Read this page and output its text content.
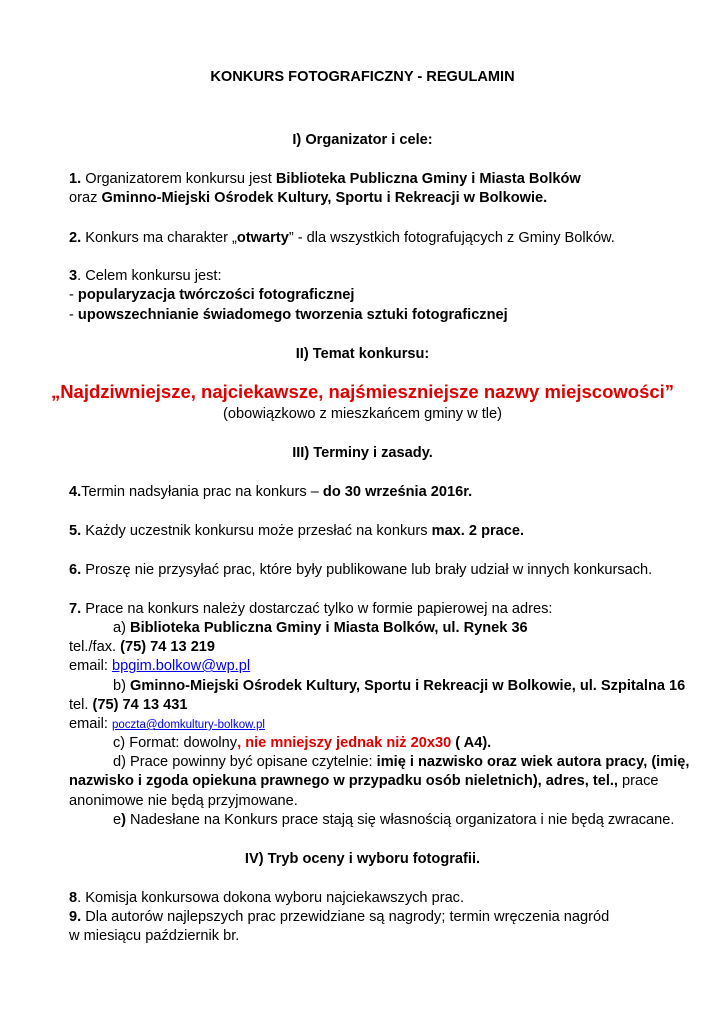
KONKURS FOTOGRAFICZNY - REGULAMIN
I) Organizator i cele:
1. Organizatorem konkursu jest Biblioteka Publiczna Gminy i Miasta Bolków
oraz Gminno-Miejski Ośrodek Kultury, Sportu i Rekreacji w Bolkowie.
2. Konkurs ma charakter „otwarty” - dla wszystkich fotografujących z Gminy Bolków.
3. Celem konkursu jest:
- popularyzacja twórczości fotograficznej
- upowszechnianie świadomego tworzenia sztuki fotograficznej
II) Temat konkursu:
„Najdziwniejsze, najciekawsze, najśmieszniejsze nazwy miejscowości”
(obowiązkowo z mieszkańcem gminy w tle)
III) Terminy i zasady.
4.Termin nadsyłania prac na konkurs – do 30 września 2016r.
5. Każdy uczestnik konkursu może przesłać na konkurs max. 2 prace.
6. Proszę nie przysyłać prac, które były publikowane lub brały udział w innych konkursach.
7. Prace na konkurs należy dostarczać tylko w formie papierowej na adres:
a) Biblioteka Publiczna Gminy i Miasta Bolków, ul. Rynek 36
tel./fax. (75) 74 13 219
email: bpgim.bolkow@wp.pl
b) Gminno-Miejski Ośrodek Kultury, Sportu i Rekreacji w Bolkowie, ul. Szpitalna 16
tel. (75) 74 13 431
email: poczta@domkultury-bolkow.pl
c) Format: dowolny, nie mniejszy jednak niż 20x30 ( A4).
d) Prace powinny być opisane czytelnie: imię i nazwisko oraz wiek autora pracy, (imię,
nazwisko i zgoda opiekuna prawnego w przypadku osób nieletnich), adres, tel., prace
anonimowe nie będą przyjmowane.
e) Nadesłane na Konkurs prace stają się własnością organizatora i nie będą zwracane.
IV) Tryb oceny i wyboru fotografii.
8. Komisja konkursowa dokona wyboru najciekawszych prac.
9. Dla autorów najlepszych prac przewidziane są nagrody; termin wręczenia nagród
w miesiącu październik br.
